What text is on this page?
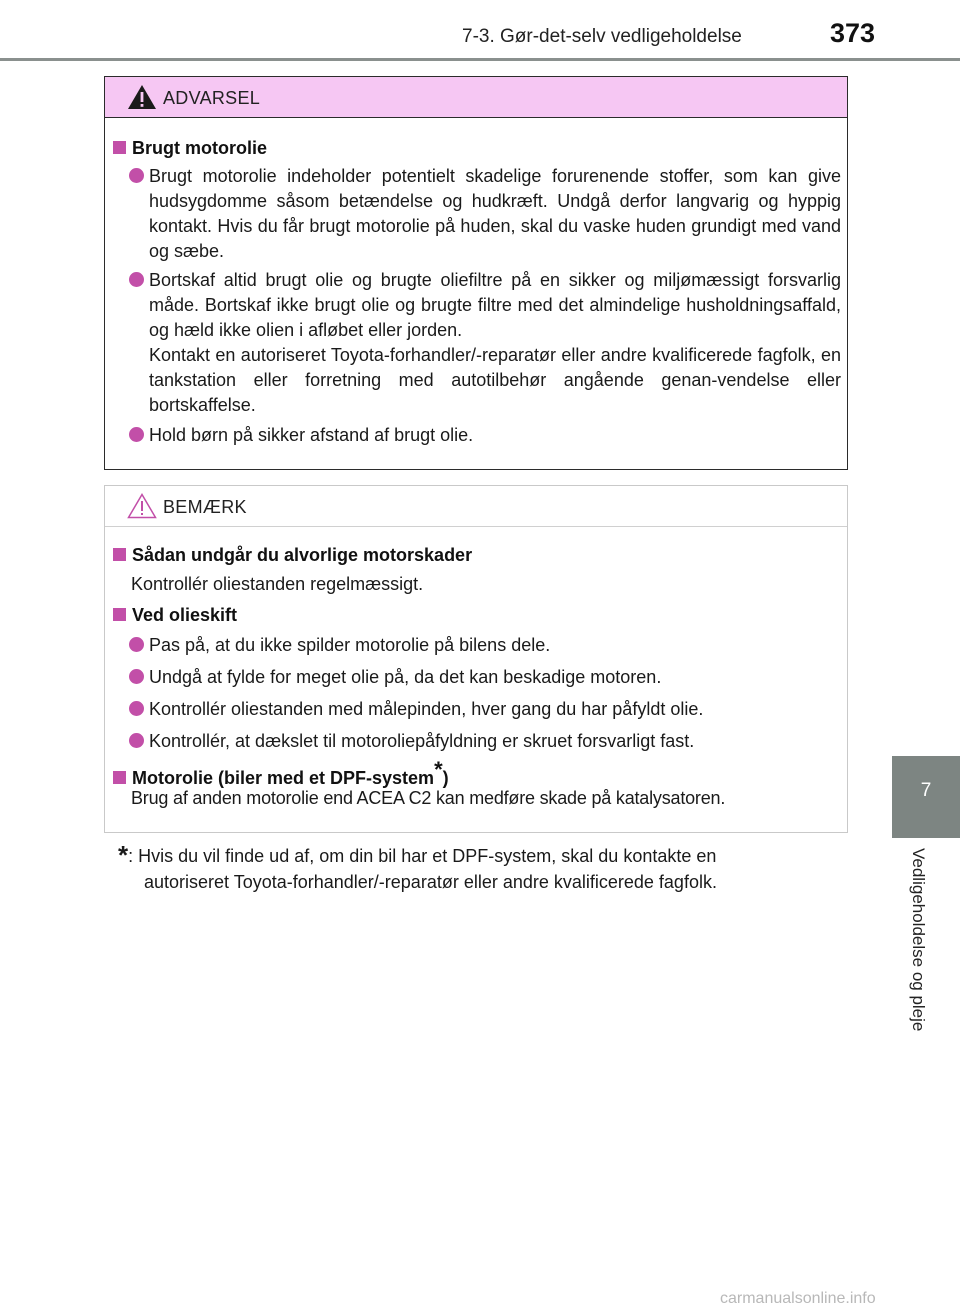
7-3. Gør-det-selv vedligeholdelse	373
7
Vedligeholdelse og pleje
ADVARSEL
Brugt motorolie
Brugt motorolie indeholder potentielt skadelige forurenende stoffer, som kan give hudsygdomme såsom betændelse og hudkræft. Undgå derfor langvarig og hyppig kontakt. Hvis du får brugt motorolie på huden, skal du vaske huden grundigt med vand og sæbe.
Bortskaf altid brugt olie og brugte oliefiltre på en sikker og miljømæssigt forsvarlig måde. Bortskaf ikke brugt olie og brugte filtre med det almindelige husholdningsaffald, og hæld ikke olien i afløbet eller jorden.
Kontakt en autoriseret Toyota-forhandler/-reparatør eller andre kvalificerede fagfolk, en tankstation eller forretning med autotilbehør angående genan-vendelse eller bortskaffelse.
Hold børn på sikker afstand af brugt olie.
BEMÆRK
Sådan undgår du alvorlige motorskader
Kontrollér oliestanden regelmæssigt.
Ved olieskift
Pas på, at du ikke spilder motorolie på bilens dele.
Undgå at fylde for meget olie på, da det kan beskadige motoren.
Kontrollér oliestanden med målepinden, hver gang du har påfyldt olie.
Kontrollér, at dækslet til motoroliepåfyldning er skruet forsvarligt fast.
Motorolie (biler med et DPF-system*)
Brug af anden motorolie end ACEA C2 kan medføre skade på katalysatoren.
*: Hvis du vil finde ud af, om din bil har et DPF-system, skal du kontakte en
autoriseret Toyota-forhandler/-reparatør eller andre kvalificerede fagfolk.
carmanualsonline.info
